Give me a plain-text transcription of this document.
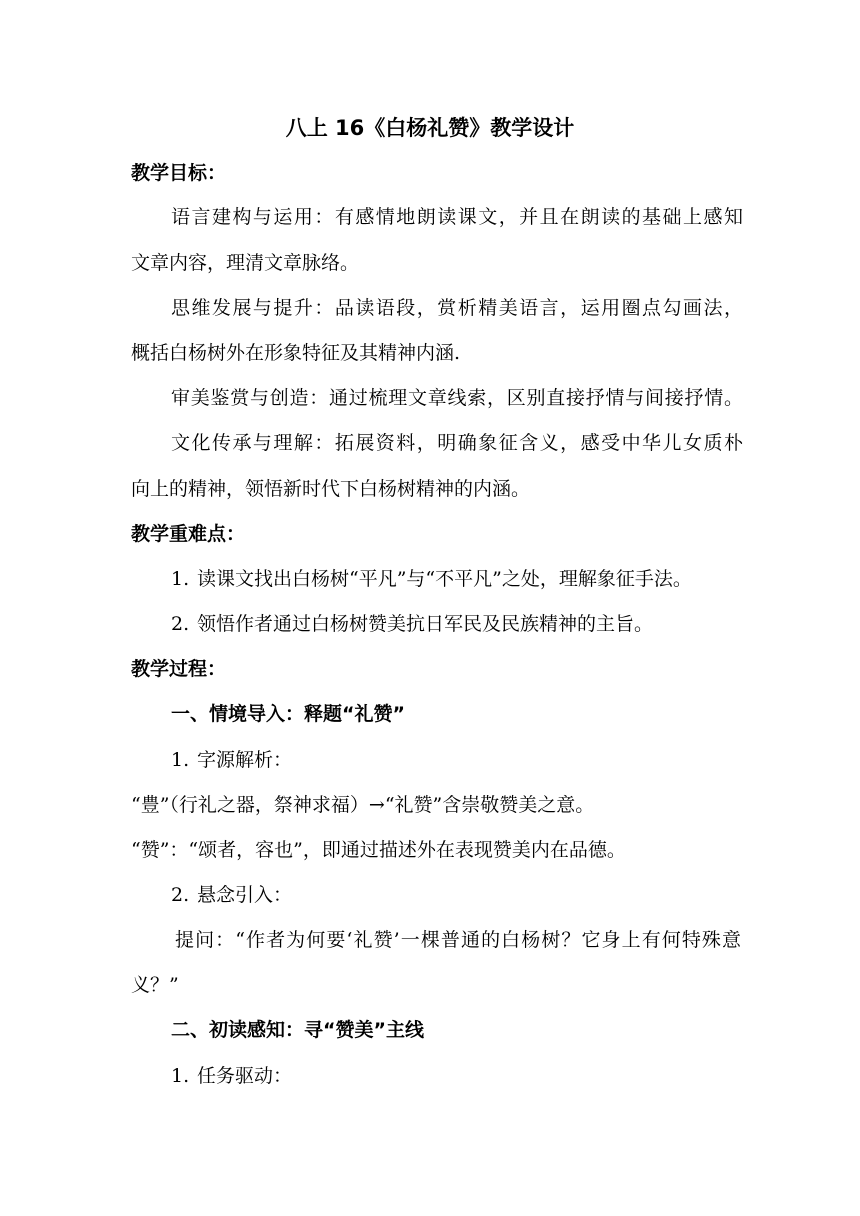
八上 16《白杨礼赞》教学设计
教学目标：
语言建构与运用：有感情地朗读课文，并且在朗读的基础上感知
文章内容，理清文章脉络。
思维发展与提升：品读语段，赏析精美语言，运用圈点勾画法，
概括白杨树外在形象特征及其精神内涵.
审美鉴赏与创造：通过梳理文章线索，区别直接抒情与间接抒情。
文化传承与理解：拓展资料，明确象征含义，感受中华儿女质朴
向上的精神，领悟新时代下白杨树精神的内涵。
教学重难点：
1. 读课文找出白杨树“平凡”与“不平凡”之处，理解象征手法。
2. 领悟作者通过白杨树赞美抗日军民及民族精神的主旨。
教学过程：
一、情境导入：释题“礼赞”
1. 字源解析：
“豊”（行礼之器，祭神求福）→“礼赞”含崇敬赞美之意。
“赞”：“颂者，容也”，即通过描述外在表现赞美内在品德。
2. 悬念引入：
提问：“作者为何要‘礼赞’一棵普通的白杨树？它身上有何特殊意
义？”
二、初读感知：寻“赞美”主线
1. 任务驱动：
